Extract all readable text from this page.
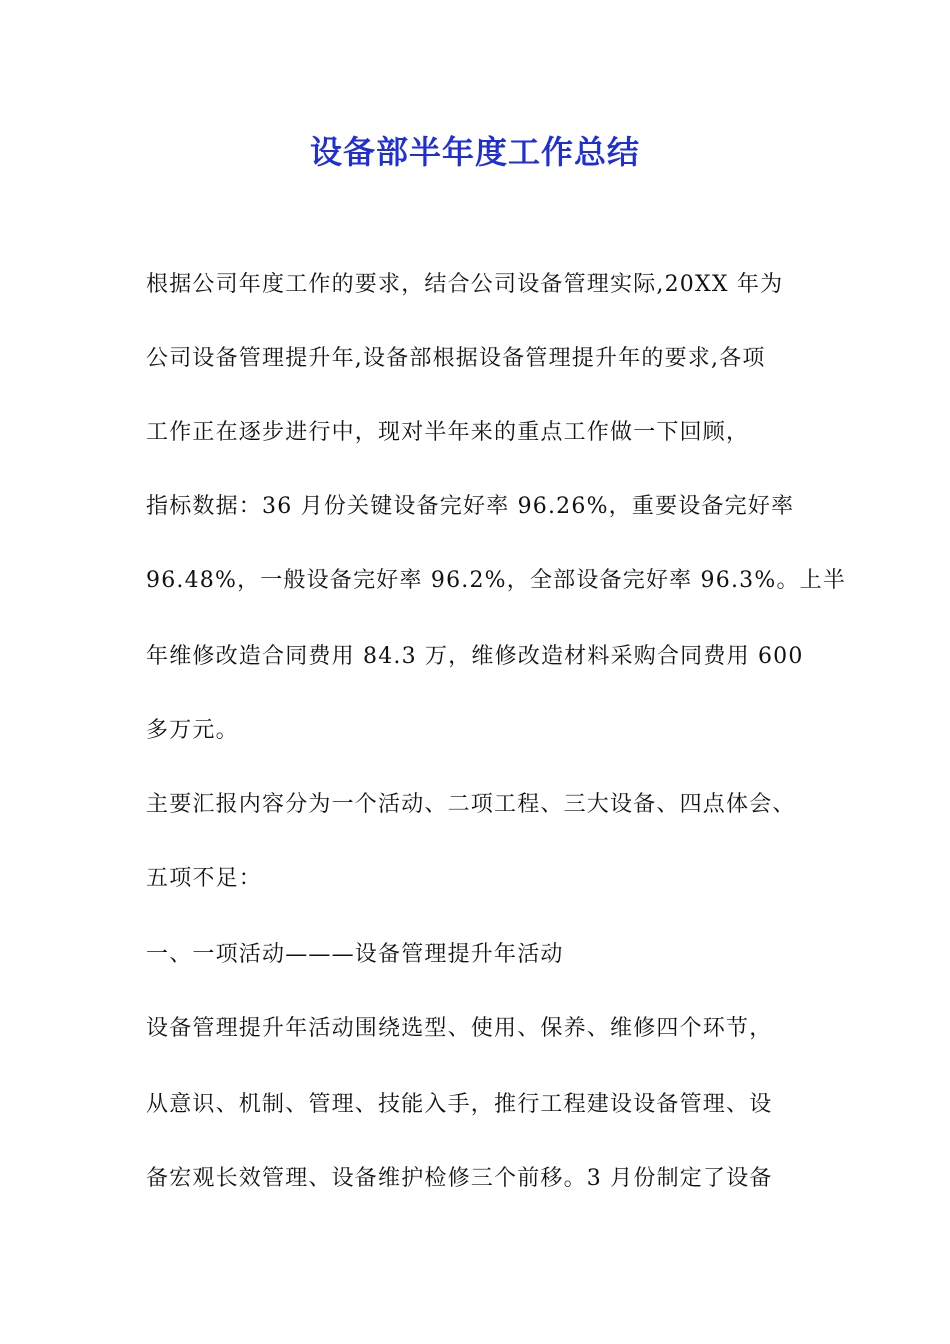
设备部半年度工作总结
根据公司年度工作的要求，结合公司设备管理实际,20XX 年为
公司设备管理提升年,设备部根据设备管理提升年的要求,各项
工作正在逐步进行中，现对半年来的重点工作做一下回顾，
指标数据：36 月份关键设备完好率 96.26%，重要设备完好率
96.48%，一般设备完好率 96.2%，全部设备完好率 96.3%。上半
年维修改造合同费用 84.3 万，维修改造材料采购合同费用 600
多万元。
主要汇报内容分为一个活动、二项工程、三大设备、四点体会、
五项不足：
一、一项活动———设备管理提升年活动
设备管理提升年活动围绕选型、使用、保养、维修四个环节，
从意识、机制、管理、技能入手，推行工程建设设备管理、设
备宏观长效管理、设备维护检修三个前移。3 月份制定了设备
